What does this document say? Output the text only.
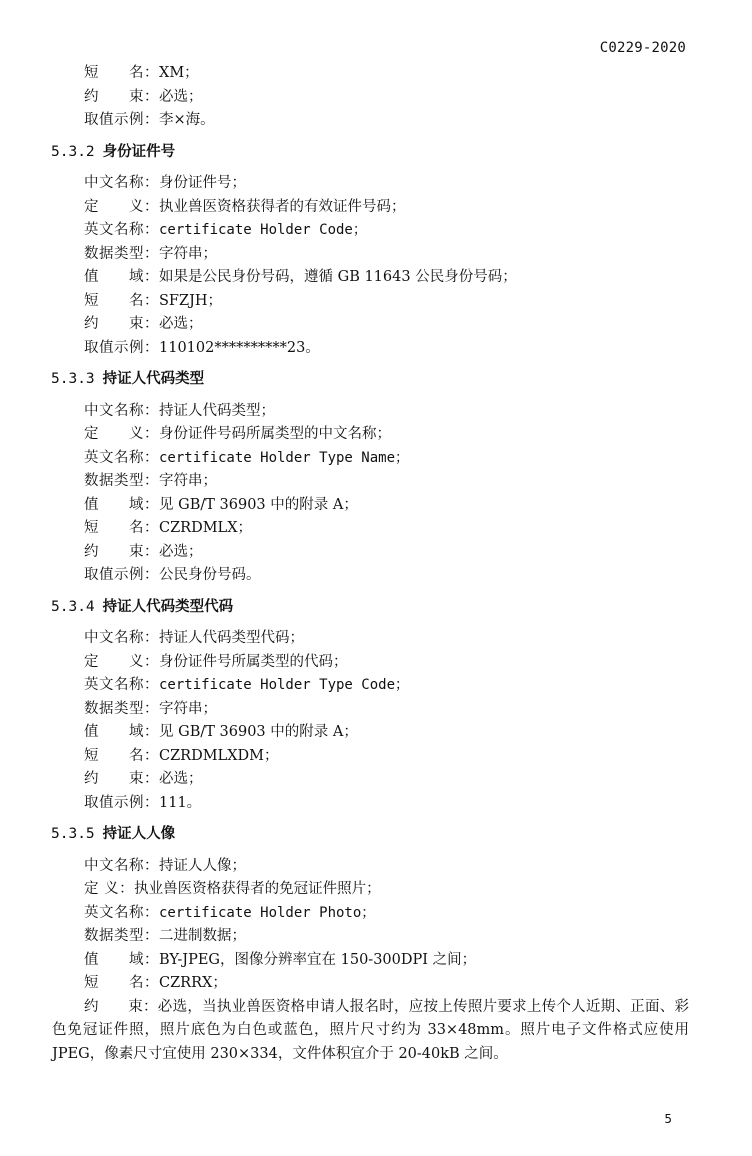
C0229-2020
短　　名：XM；
约　　束：必选；
取值示例：李×海。
5.3.2 身份证件号
中文名称：身份证件号；
定　　义：执业兽医资格获得者的有效证件号码；
英文名称：certificate Holder Code；
数据类型：字符串；
值　　域：如果是公民身份号码，遵循 GB 11643 公民身份号码；
短　　名：SFZJH；
约　　束：必选；
取值示例：110102**********23。
5.3.3 持证人代码类型
中文名称：持证人代码类型；
定　　义：身份证件号码所属类型的中文名称；
英文名称：certificate Holder Type Name；
数据类型：字符串；
值　　域：见 GB/T 36903 中的附录 A；
短　　名：CZRDMLX；
约　　束：必选；
取值示例：公民身份号码。
5.3.4 持证人代码类型代码
中文名称：持证人代码类型代码；
定　　义：身份证件号所属类型的代码；
英文名称：certificate Holder Type Code；
数据类型：字符串；
值　　域：见 GB/T 36903 中的附录 A；
短　　名：CZRDMLXDM；
约　　束：必选；
取值示例：111。
5.3.5 持证人人像
中文名称：持证人人像；
定 义：执业兽医资格获得者的免冠证件照片；
英文名称：certificate Holder Photo；
数据类型：二进制数据；
值　　域：BY-JPEG，图像分辨率宜在 150-300DPI 之间；
短　　名：CZRRX；
约　　束：必选，当执业兽医资格申请人报名时，应按上传照片要求上传个人近期、正面、彩色免冠证件照，照片底色为白色或蓝色，照片尺寸约为 33×48mm。照片电子文件格式应使用 JPEG，像素尺寸宜使用 230×334，文件体积宜介于 20-40kB 之间。
5
